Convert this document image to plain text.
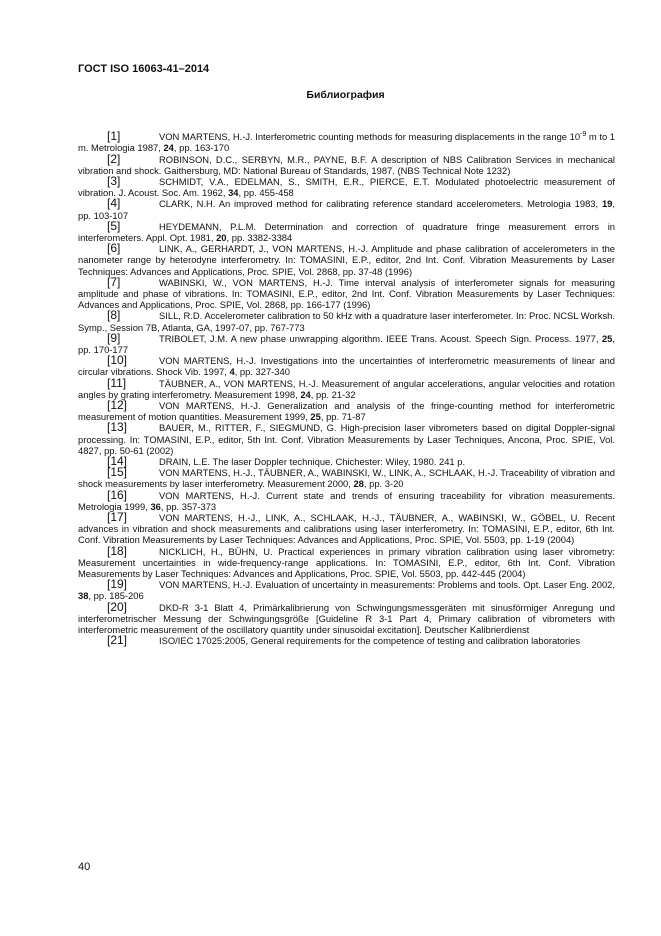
ГОСТ ISO 16063-41–2014
Библиография

[1]	VON MARTENS, H.-J. Interferometric counting methods for measuring displacements in the range $10^{-9}$ m to 1 m. Metrologia 1987, 24, pp. 163-170

[2]	ROBINSON, D.C., SERBYN, M.R., PAYNE, B.F. A description of NBS Calibration Services in mechanical vibration and shock. Gaithersburg, MD: National Bureau of Standards, 1987. (NBS Technical Note 1232)

[3]	SCHMIDT, V.A., EDELMAN, S., SMITH, E.R., PIERCE, E.T. Modulated photoelectric measurement of vibration. J. Acoust. Soc. Am. 1962, 34, pp. 455-458

[4]	CLARK, N.H. An improved method for calibrating reference standard accelerometers. Metrologia 1983, 19, pp. 103-107

[5]	HEYDEMANN, P.L.M. Determination and correction of quadrature fringe measurement errors in interferometers. Appl. Opt. 1981, 20, pp. 3382-3384

[6]	LINK, A., GERHARDT, J., VON MARTENS, H.-J. Amplitude and phase calibration of accelerometers in the nanometer range by heterodyne interferometry. In: TOMASINI, E.P., editor, 2nd Int. Conf. Vibration Measurements by Laser Techniques: Advances and Applications, Proc. SPIE, Vol. 2868, pp. 37-48 (1996)

[7]	WABINSKI, W., VON MARTENS, H.-J. Time interval analysis of interferometer signals for measuring amplitude and phase of vibrations. In: TOMASINI, E.P., editor, 2nd Int. Conf. Vibration Measurements by Laser Techniques: Advances and Applications, Proc. SPIE, Vol. 2868, pp. 166-177 (1996)

[8]	SILL, R.D. Accelerometer calibration to 50 kHz with a quadrature laser interferometer. In: Proc. NCSL Worksh. Symp., Session 7B, Atlanta, GA, 1997-07, pp. 767-773

[9]	TRIBOLET, J.M. A new phase unwrapping algorithm. IEEE Trans. Acoust. Speech Sign. Process. 1977, 25, pp. 170-177

[10]	VON MARTENS, H.-J. Investigations into the uncertainties of interferometric measurements of linear and circular vibrations. Shock Vib. 1997, 4, pp. 327-340

[11]	TÄUBNER, A., VON MARTENS, H.-J. Measurement of angular accelerations, angular velocities and rotation angles by grating interferometry. Measurement 1998, 24, pp. 21-32

[12]	VON MARTENS, H.-J. Generalization and analysis of the fringe-counting method for interferometric measurement of motion quantities. Measurement 1999, 25, pp. 71-87

[13]	BAUER, M., RITTER, F., SIEGMUND, G. High-precision laser vibrometers based on digital Doppler-signal processing. In: TOMASINI, E.P., editor, 5th Int. Conf. Vibration Measurements by Laser Techniques, Ancona, Proc. SPIE, Vol. 4827, pp. 50-61 (2002)

[14]	DRAIN, L.E. The laser Doppler technique. Chichester: Wiley, 1980. 241 p.

[15]	VON MARTENS, H.-J., TÄUBNER, A., WABINSKI, W., LINK, A., SCHLAAK, H.-J. Traceability of vibration and shock measurements by laser interferometry. Measurement 2000, 28, pp. 3-20

[16]	VON MARTENS, H.-J. Current state and trends of ensuring traceability for vibration measurements. Metrologia 1999, 36, pp. 357-373

[17]	VON MARTENS, H.-J., LINK, A., SCHLAAK, H.-J., TÄUBNER, A., WABINSKI, W., GÖBEL, U. Recent advances in vibration and shock measurements and calibrations using laser interferometry. In: TOMASINI, E.P., editor, 6th Int. Conf. Vibration Measurements by Laser Techniques: Advances and Applications, Proc. SPIE, Vol. 5503, pp. 1-19 (2004)

[18]	NICKLICH, H., BÜHN, U. Practical experiences in primary vibration calibration using laser vibrometry: Measurement uncertainties in wide-frequency-range applications. In: TOMASINI, E.P., editor, 6th Int. Conf. Vibration Measurements by Laser Techniques: Advances and Applications, Proc. SPIE, Vol. 5503, pp. 442-445 (2004)

[19]	VON MARTENS, H.-J. Evaluation of uncertainty in measurements: Problems and tools. Opt. Laser Eng. 2002, 38, pp. 185-206

[20]	DKD-R 3-1 Blatt 4, Primärkalibrierung von Schwingungsmessgeräten mit sinusförmiger Anregung und interferometrischer Messung der Schwingungsgröße [Guideline R 3-1 Part 4, Primary calibration of vibrometers with interferometric measurement of the oscillatory quantity under sinusoidal excitation]. Deutscher Kalibrierdienst

[21]	ISO/IEC 17025:2005, General requirements for the competence of testing and calibration laboratories

40
